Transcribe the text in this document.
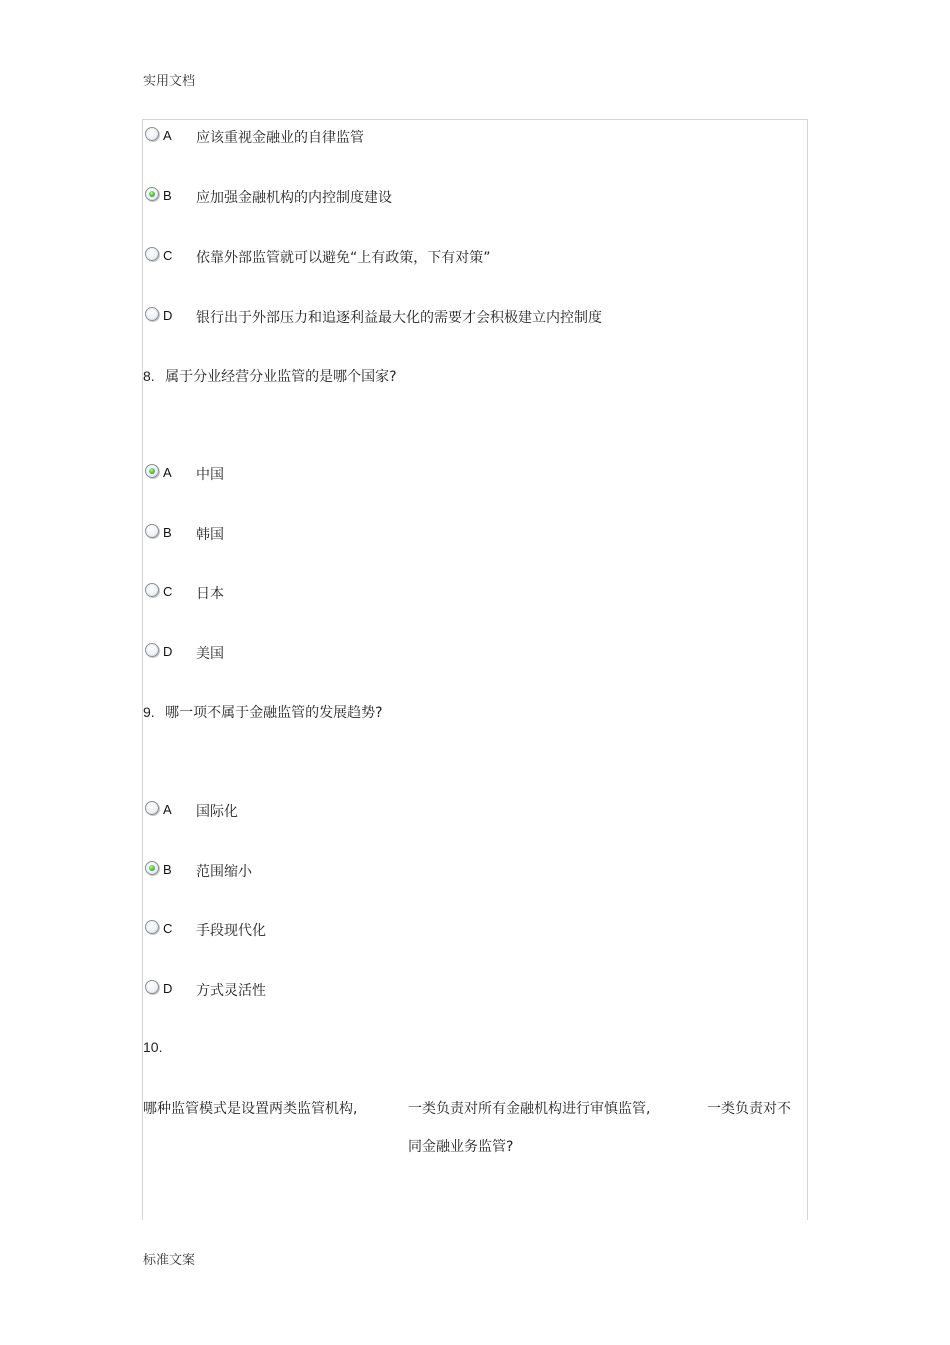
实用文档
A 应该重视金融业的自律监管
B 应加强金融机构的内控制度建设
C 依靠外部监管就可以避免“上有政策，下有对策”
D 银行出于外部压力和追逐利益最大化的需要才会积极建立内控制度
8. 属于分业经营分业监管的是哪个国家?
A 中国
B 韩国
C 日本
D 美国
9. 哪一项不属于金融监管的发展趋势?
A 国际化
B 范围缩小
C 手段现代化
D 方式灵活性
10.
哪种监管模式是设置两类监管机构,	一类负责对所有金融机构进行审慎监管,	一类负责对不
同金融业务监管?
标准文案
